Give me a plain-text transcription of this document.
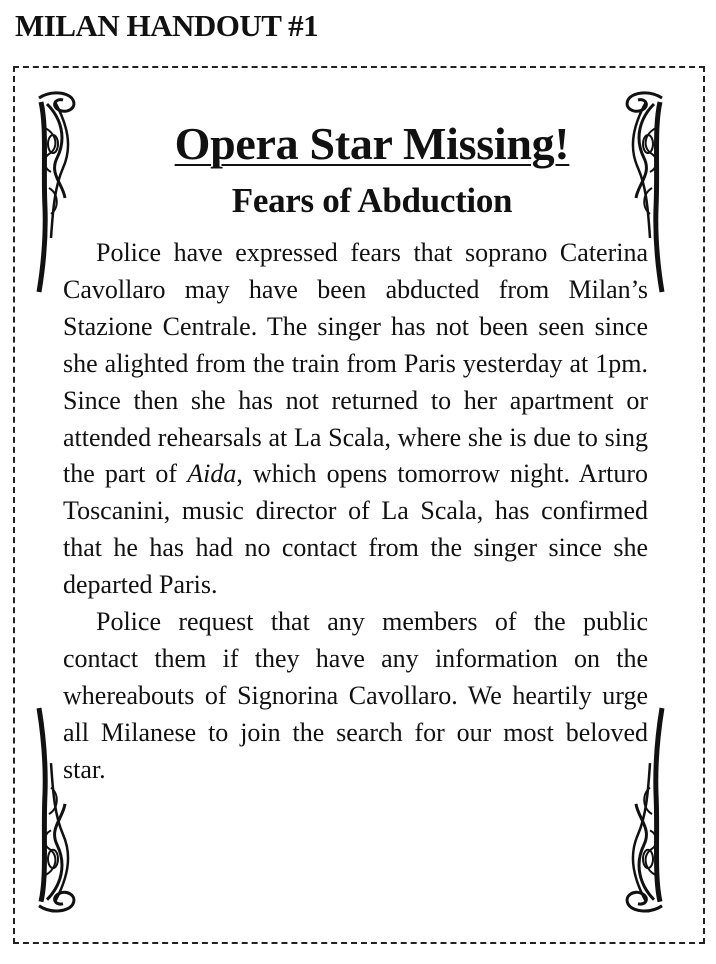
MILAN HANDOUT #1
Opera Star Missing!
Fears of Abduction

Police have expressed fears that soprano Caterina Cavollaro may have been abducted from Milan’s Stazione Centrale. The singer has not been seen since she alighted from the train from Paris yesterday at 1pm. Since then she has not returned to her apartment or attended rehearsals at La Scala, where she is due to sing the part of Aida, which opens tomorrow night. Arturo Toscanini, music director of La Scala, has confirmed that he has had no contact from the singer since she departed Paris.

Police request that any members of the public contact them if they have any information on the whereabouts of Signorina Cavollaro. We heartily urge all Milanese to join the search for our most beloved star.
